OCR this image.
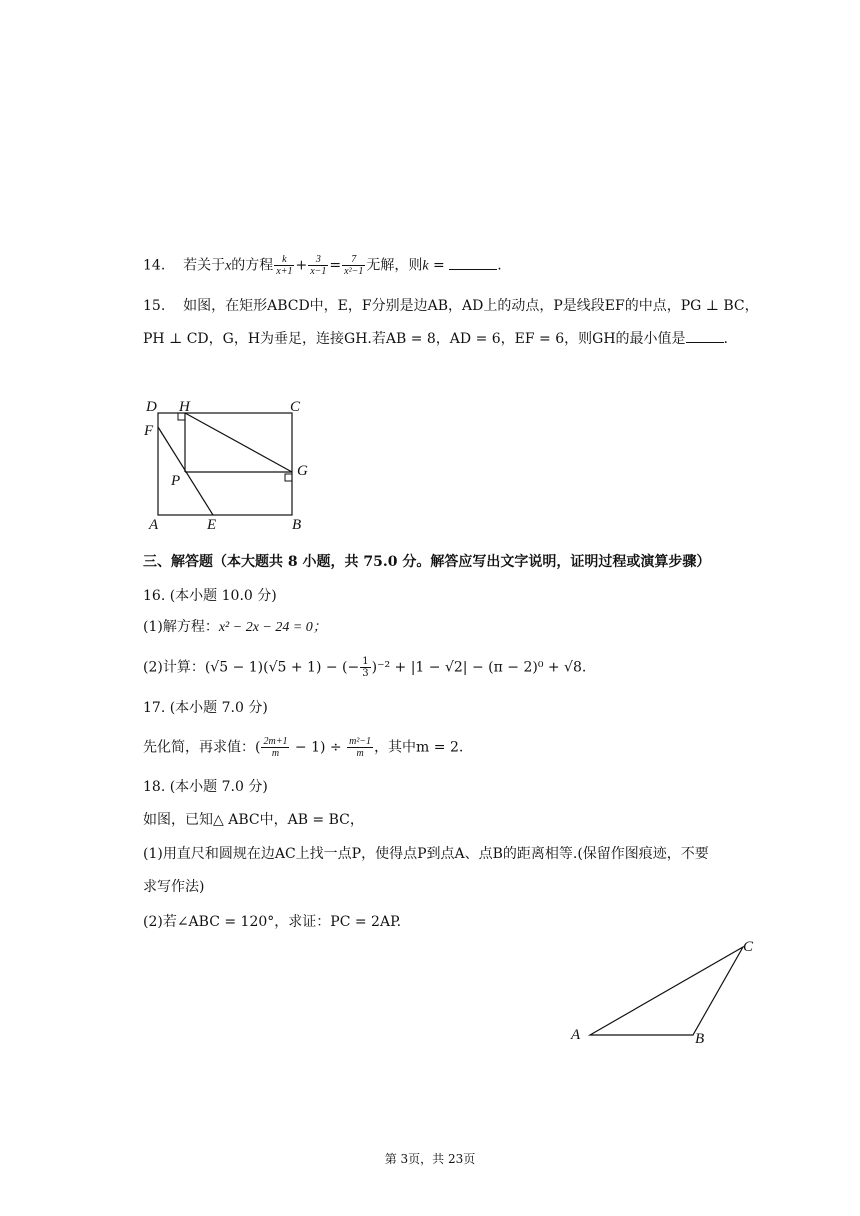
14. 若关于x的方程 $\frac{k}{x+1} + \frac{3}{x-1} = \frac{7}{\text{x²−1}}$ 无解，则k =	.
15. 如图，在矩形ABCD中，E，F分别是边AB，AD上的动点，P是线段EF的中点，PG ⊥ BC，
PH ⊥ CD，G，H为垂足，连接GH.若AB = 8，AD = 6，EF = 6，则GH的最小值是	.
D H	C
F
G
P
A	E	B
三、解答题（本大题共 8 小题，共 75.0 分。解答应写出文字说明，证明过程或演算步骤）
16. (本小题 10.0 分)
(1)解方程：x² − 2x − 24 = 0；
(2)计算：(√5 − 1)(√5 + 1) − (− $\frac{1}{3} )^{-2} + |1 - √2| - (\pi - 2)^0 + √8$.
17. (本小题 7.0 分)
先化简，再求值：( $\frac{2m+1}{m} - 1) \div \frac{\text{m²−1}}{m}$ ，其中m = 2.
18. (本小题 7.0 分)
如图，已知△ ABC中，AB = BC，
(1)用直尺和圆规在边AC上找一点P，使得点P到点A、点B的距离相等.(保留作图痕迹，不要
求写作法)
(2)若∠ABC = 120°，求证：PC = 2AP.
C
A	B
第 3页，共 23页
